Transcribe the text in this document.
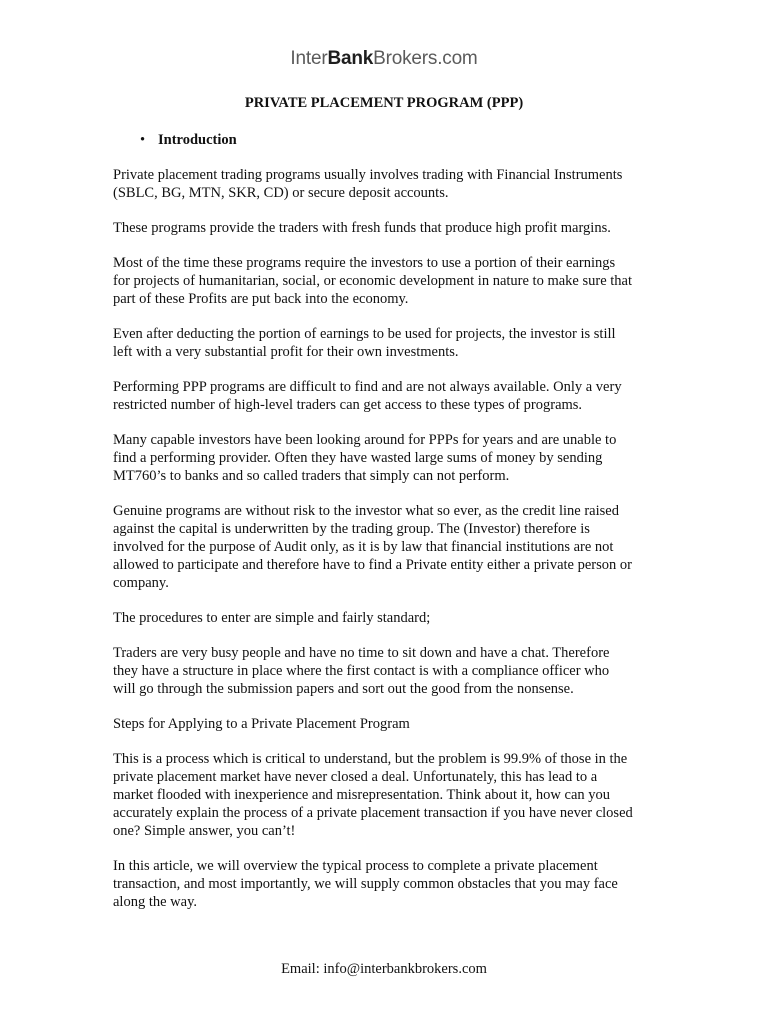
InterBankBrokers.com
PRIVATE PLACEMENT PROGRAM (PPP)
• Introduction
Private placement trading programs usually involves trading with Financial Instruments
(SBLC, BG, MTN, SKR, CD) or secure deposit accounts.
These programs provide the traders with fresh funds that produce high profit margins.
Most of the time these programs require the investors to use a portion of their earnings
for projects of humanitarian, social, or economic development in nature to make sure that
part of these Profits are put back into the economy.
Even after deducting the portion of earnings to be used for projects, the investor is still
left with a very substantial profit for their own investments.
Performing PPP programs are difficult to find and are not always available. Only a very
restricted number of high-level traders can get access to these types of programs.
Many capable investors have been looking around for PPPs for years and are unable to
find a performing provider. Often they have wasted large sums of money by sending
MT760’s to banks and so called traders that simply can not perform.
Genuine programs are without risk to the investor what so ever, as the credit line raised
against the capital is underwritten by the trading group. The (Investor) therefore is
involved for the purpose of Audit only, as it is by law that financial institutions are not
allowed to participate and therefore have to find a Private entity either a private person or
company.
The procedures to enter are simple and fairly standard;
Traders are very busy people and have no time to sit down and have a chat. Therefore
they have a structure in place where the first contact is with a compliance officer who
will go through the submission papers and sort out the good from the nonsense.
Steps for Applying to a Private Placement Program
This is a process which is critical to understand, but the problem is 99.9% of those in the
private placement market have never closed a deal. Unfortunately, this has lead to a
market flooded with inexperience and misrepresentation. Think about it, how can you
accurately explain the process of a private placement transaction if you have never closed
one? Simple answer, you can’t!
In this article, we will overview the typical process to complete a private placement
transaction, and most importantly, we will supply common obstacles that you may face
along the way.
Email: info@interbankbrokers.com
